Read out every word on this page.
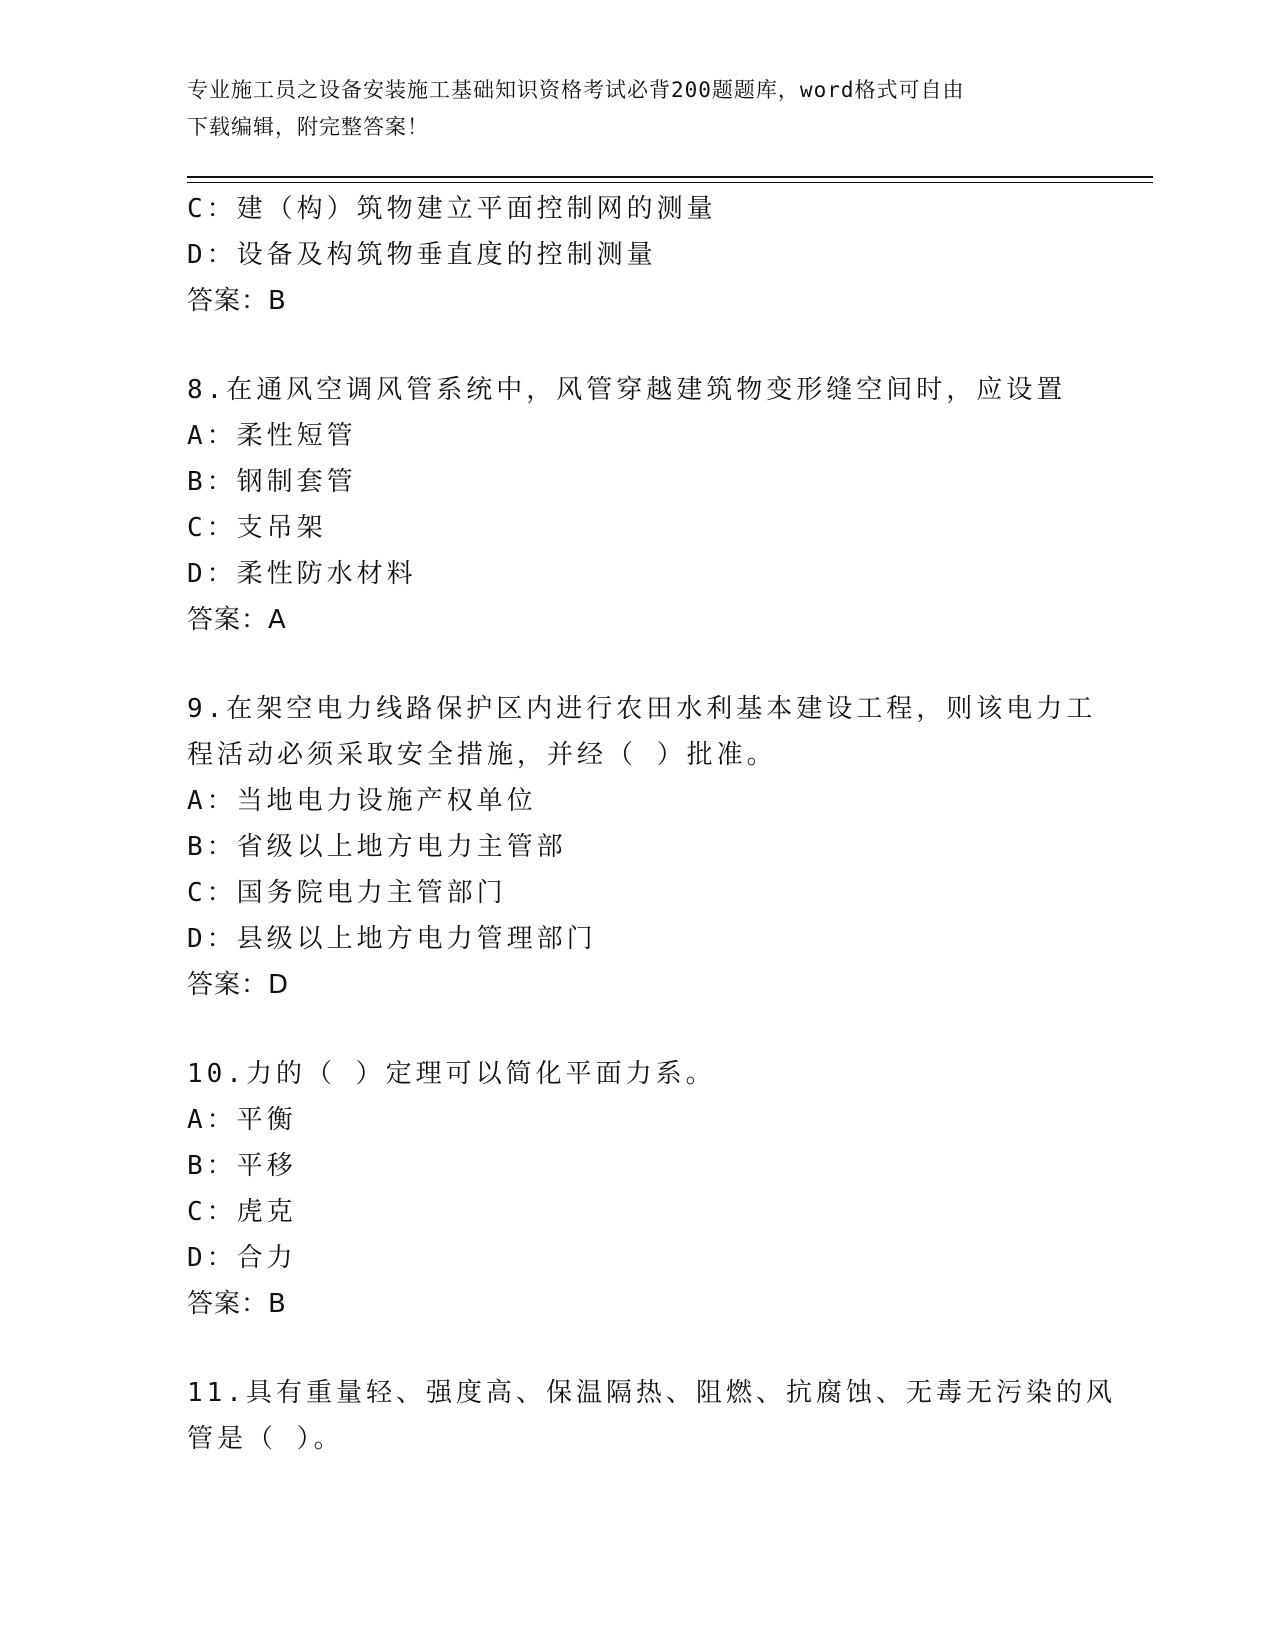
专业施工员之设备安装施工基础知识资格考试必背200题题库，word格式可自由
下载编辑，附完整答案！
C：建（构）筑物建立平面控制网的测量
D：设备及构筑物垂直度的控制测量
答案：B
8.在通风空调风管系统中，风管穿越建筑物变形缝空间时，应设置
A：柔性短管
B：钢制套管
C：支吊架
D：柔性防水材料
答案：A
9.在架空电力线路保护区内进行农田水利基本建设工程，则该电力工
程活动必须采取安全措施，并经（ ）批准。
A：当地电力设施产权单位
B：省级以上地方电力主管部
C：国务院电力主管部门
D：县级以上地方电力管理部门
答案：D
10.力的（ ）定理可以简化平面力系。
A：平衡
B：平移
C：虎克
D：合力
答案：B
11.具有重量轻、强度高、保温隔热、阻燃、抗腐蚀、无毒无污染的风
管是（ ）。
